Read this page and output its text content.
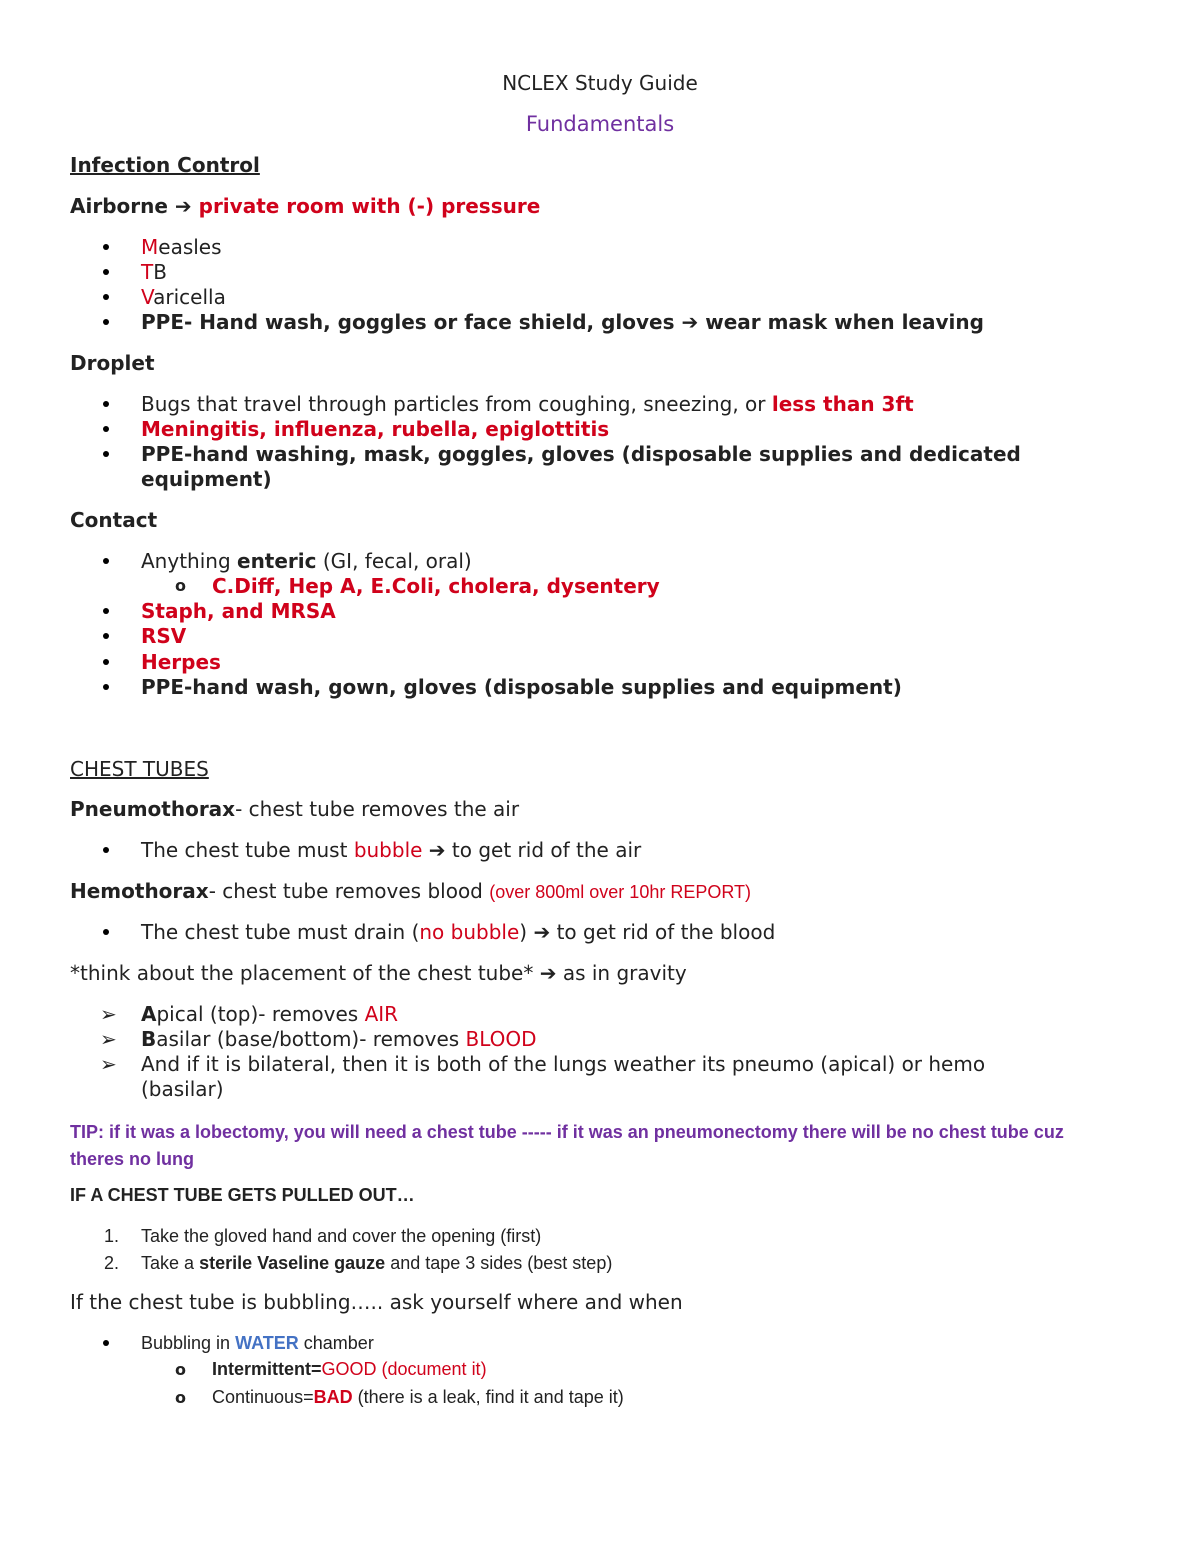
NCLEX Study Guide
Fundamentals
Infection Control
Airborne ➔ private room with (-) pressure
Measles
TB
Varicella
PPE- Hand wash, goggles or face shield, gloves ➔ wear mask when leaving
Droplet
Bugs that travel through particles from coughing, sneezing, or less than 3ft
Meningitis, influenza, rubella, epiglottitis
PPE-hand washing, mask, goggles, gloves (disposable supplies and dedicated
equipment)
Contact
Anything enteric (GI, fecal, oral)
o C.Diff, Hep A, E.Coli, cholera, dysentery
Staph, and MRSA
RSV
Herpes
PPE-hand wash, gown, gloves (disposable supplies and equipment)
CHEST TUBES
Pneumothorax- chest tube removes the air
The chest tube must bubble ➔ to get rid of the air
Hemothorax- chest tube removes blood (over 800ml over 10hr REPORT)
The chest tube must drain (no bubble) ➔ to get rid of the blood
*think about the placement of the chest tube* ➔ as in gravity
➢ Apical (top)- removes AIR
➢ Basilar (base/bottom)- removes BLOOD
➢ And if it is bilateral, then it is both of the lungs weather its pneumo (apical) or hemo
(basilar)
TIP: if it was a lobectomy, you will need a chest tube ----- if it was an pneumonectomy there will be no chest tube cuz
theres no lung
IF A CHEST TUBE GETS PULLED OUT…
1. Take the gloved hand and cover the opening (first)
2. Take a sterile Vaseline gauze and tape 3 sides (best step)
If the chest tube is bubbling….. ask yourself where and when
Bubbling in WATER chamber
o Intermittent=GOOD (document it)
o Continuous=BAD (there is a leak, find it and tape it)
